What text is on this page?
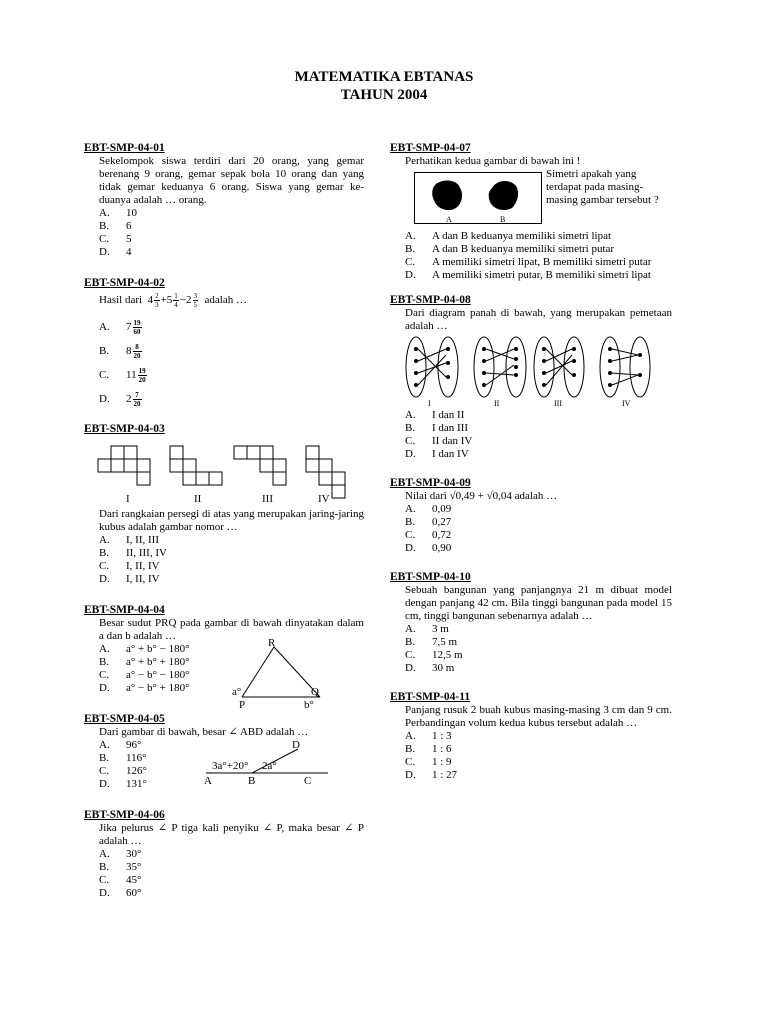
MATEMATIKA EBTANAS
TAHUN 2004
EBT-SMP-04-01
Sekelompok siswa terdiri dari 20 orang, yang gemar berenang 9 orang, gemar sepak bola 10 orang dan yang tidak gemar keduanya 6 orang. Siswa yang gemar ke-duanya adalah … orang.
A.	10
B.	6
C.	5
D.	4
EBT-SMP-04-02
Hasil dari
$4 \frac{2}{3} + 5 \frac{1}{4} - 2 \frac{3}{5}$
adalah …
A.	$7 \frac{19}{60}$
B.	$8 \frac{8}{20}$
C.	$11 \frac{19}{20}$
D.	$2 \frac{7}{20}$
EBT-SMP-04-03
I	II	III	IV
Dari rangkaian persegi di atas yang merupakan jaring-jaring kubus adalah gambar nomor …
A.	I, II, III
B.	II, III, IV
C.	I, II, IV
D.	I, II, IV
EBT-SMP-04-04
Besar sudut PRQ pada gambar di bawah dinyatakan dalam a dan b adalah …
A.	a° + b° − 180°
B.	a° + b° + 180°
C.	a° − b° − 180°
D.	a° − b° + 180°
R
P
Q
a°
b°
EBT-SMP-04-05
Dari gambar di bawah, besar ∠ ABD adalah …
A.	96°
B.	116°
C.	126°
D.	131°
D
3a°+20° 2a°
A	B	C
EBT-SMP-04-06
Jika pelurus ∠ P tiga kali penyiku ∠ P, maka besar ∠ P adalah …
A.	30°
B.	35°
C.	45°
D.	60°
EBT-SMP-04-07
Perhatikan kedua gambar di bawah ini !
A	B
Simetri apakah yang terdapat pada masing-masing gambar tersebut ?
A.	A dan B keduanya memiliki simetri lipat
B.	A dan B keduanya memiliki simetri putar
C.	A memiliki simetri lipat, B memiliki simetri putar
D.	A memiliki simetri putar, B memiliki simetri lipat
EBT-SMP-04-08
Dari diagram panah di bawah, yang merupakan pemetaan adalah …
I	II	III	IV
A.	I dan II
B.	I dan III
C.	II dan IV
D.	I dan IV
EBT-SMP-04-09
Nilai dari √0,49 + √0,04 adalah …
A.	0,09
B.	0,27
C.	0,72
D.	0,90
EBT-SMP-04-10
Sebuah bangunan yang panjangnya 21 m dibuat model dengan panjang 42 cm. Bila tinggi bangunan pada model 15 cm, tinggi bangunan sebenarnya adalah …
A.	3 m
B.	7,5 m
C.	12,5 m
D.	30 m
EBT-SMP-04-11
Panjang rusuk 2 buah kubus masing-masing 3 cm dan 9 cm. Perbandingan volum kedua kubus tersebut adalah …
A.	1 : 3
B.	1 : 6
C.	1 : 9
D.	1 : 27
